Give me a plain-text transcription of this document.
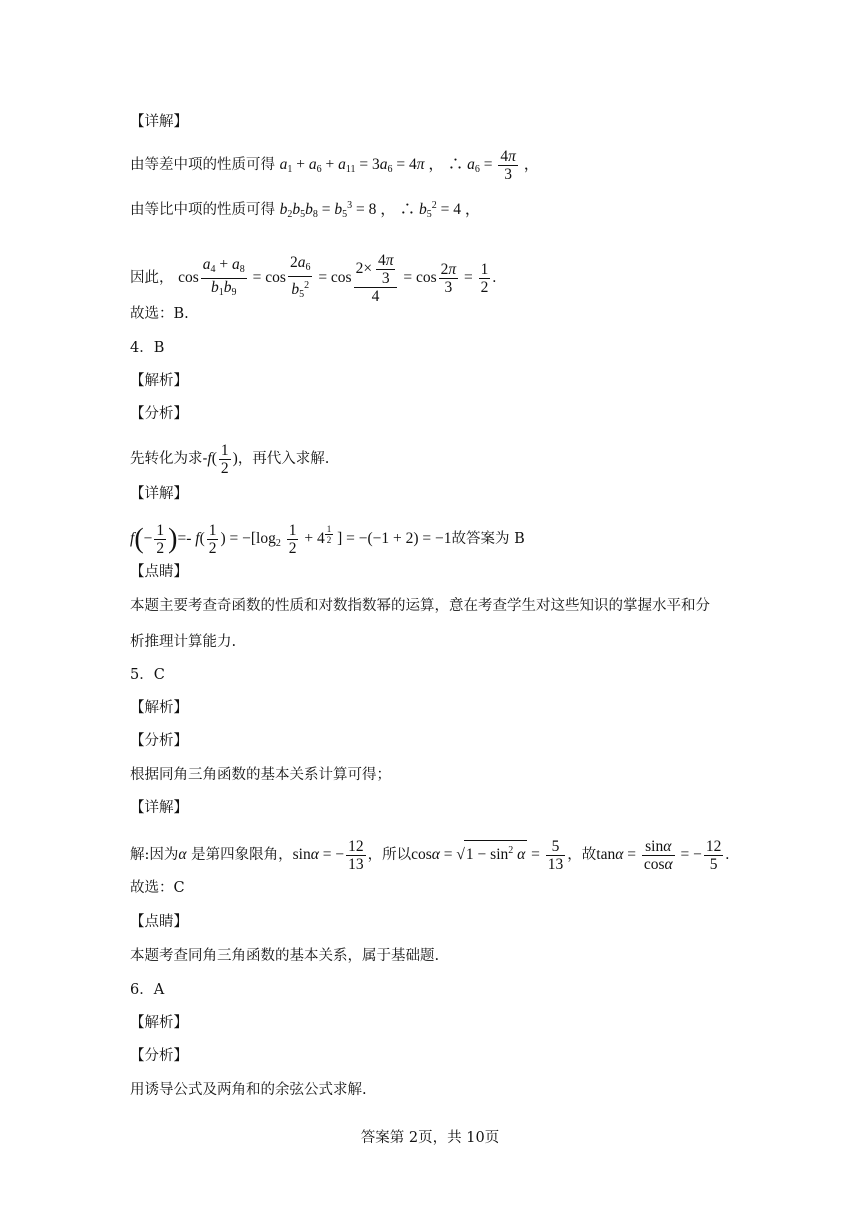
【详解】
由等差中项的性质可得 $a_1 + a_6 + a_{11} = 3a_6 = 4\pi$ ， ∴ $a_6 = \frac{4\pi}{3}$ ，
由等比中项的性质可得 $b_2b_5b_8 = b_5^3 = 8$ ， ∴ $b_5^2 = 4$ ，
因此， $\cos \frac{a_4 + a_8}{b_1b_9} = \cos \frac{2a_6}{b_5^2} = \cos \frac{2\times \frac{4\pi}{3}}{4} = \cos \frac{2\pi}{3} = \frac{1}{2}$ .
故选：B.
4．B
【解析】
【分析】
先转化为求$-f( \frac{1}{2}$ )，再代入求解.
【详解】
$f(- \frac{1}{2}$ )=- $f( \frac{1}{2}$ ) = $-[\log_2 \frac{1}{2} + 4$ $^{\frac{1}{2}}$ ] = −(−1 + 2) = −1故答案为 B
【点睛】
本题主要考查奇函数的性质和对数指数幂的运算，意在考查学生对这些知识的掌握水平和分
析推理计算能力.
5．C
【解析】
【分析】
根据同角三角函数的基本关系计算可得；
【详解】
解:因为α 是第四象限角，sinα = − $\frac{12}{13}$ ，所以$\cos\alpha = √1 - \sin^2 \alpha = \frac{5}{13}$ ，故$\tan\alpha = \frac{\sin\alpha}{\cos\alpha}$ = − $\frac{12}{5}$ .
故选：C
【点睛】
本题考查同角三角函数的基本关系，属于基础题.
6．A
【解析】
【分析】
用诱导公式及两角和的余弦公式求解.
答案第 2页，共 10页
